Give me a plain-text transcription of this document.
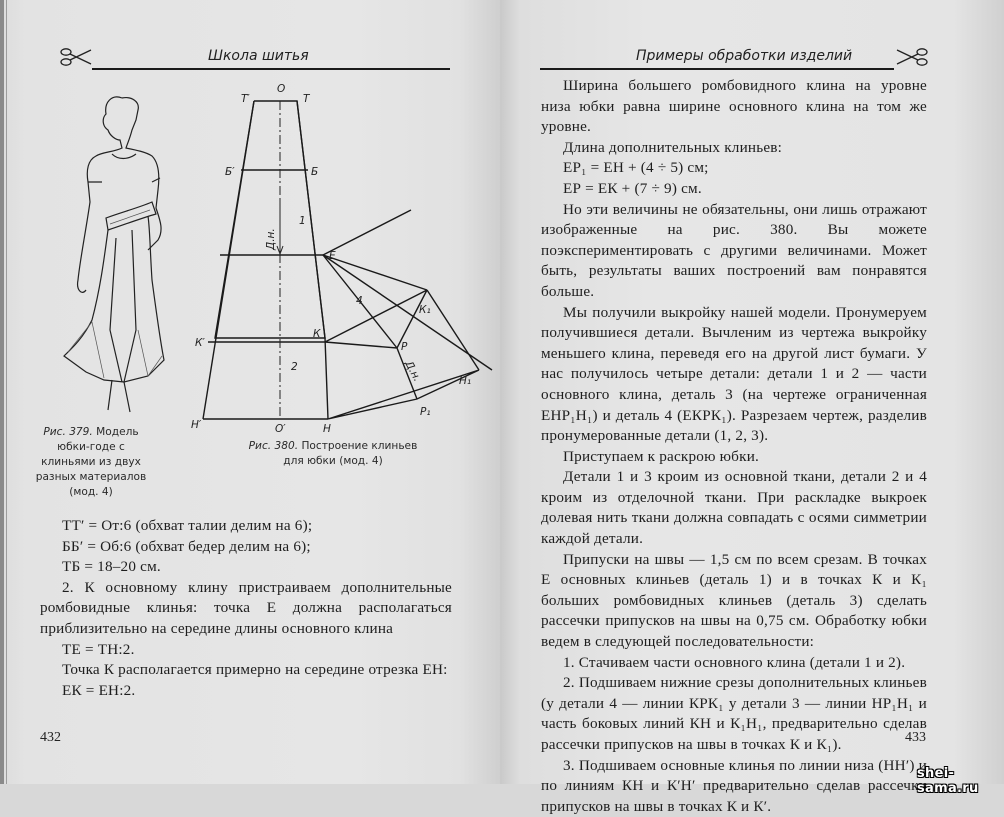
Школа шитья
О
Т′	Т
Б′	Б
Е
1
К′
К
К₁
4
Р
2
Н₁
Р₁
Н′	О′	Н
Д.н.
Д.н.
Рис. 379. Модель юбки-годе с клиньями из двух разных материалов (мод. 4)
Рис. 380. Построение клиньев для юбки (мод. 4)

ТТ′ = От:6 (обхват талии делим на 6);

ББ′ = Об:6 (обхват бедер делим на 6);

ТБ = 18–20 см.

2. К основному клину пристраиваем дополнительные ромбовидные клинья: точка Е должна располагаться приблизительно на середине длины основного клина

ТЕ = ТН:2.

Точка К располагается примерно на середине отрезка ЕН:

ЕК = ЕН:2.

432
Примеры обработки изделий

Ширина большего ромбовидного клина на уровне низа юбки равна ширине основного клина на том же уровне.

Длина дополнительных клиньев:

ЕР₁ = ЕН + (4 ÷ 5) см;

ЕР = ЕК + (7 ÷ 9) см.

Но эти величины не обязательны, они лишь отражают изображенные на рис. 380. Вы можете поэкспериментировать с другими величинами. Может быть, результаты ваших построений вам понравятся больше.

Мы получили выкройку нашей модели. Пронумеруем получившиеся детали. Вычленим из чертежа выкройку меньшего клина, переведя его на другой лист бумаги. У нас получилось четыре детали: детали 1 и 2 — части основного клина, деталь 3 (на чертеже ограниченная ЕНР₁Н₁) и деталь 4 (ЕКРК₁). Разрезаем чертеж, разделив пронумерованные детали (1, 2, 3).

Приступаем к раскрою юбки.

Детали 1 и 3 кроим из основной ткани, детали 2 и 4 кроим из отделочной ткани. При раскладке выкроек долевая нить ткани должна совпадать с осями симметрии каждой детали.

Припуски на швы — 1,5 см по всем срезам. В точках Е основных клиньев (деталь 1) и в точках К и К₁ больших ромбовидных клиньев (деталь 3) сделать рассечки припусков на швы на 0,75 см. Обработку юбки ведем в следующей последовательности:

1. Стачиваем части основного клина (детали 1 и 2).

2. Подшиваем нижние срезы дополнительных клиньев (у детали 4 — линии КРК₁ у детали 3 — линии НР₁Н₁ и часть боковых линий КН и К₁Н₁, предварительно сделав рассечки припусков на швы в точках К и К₁).

3. Подшиваем основные клинья по линии низа (НН′) и по линиям КН и К′Н′ предварительно сделав рассечки припусков на швы в точках К и К′.

433
shei-sama.ru
